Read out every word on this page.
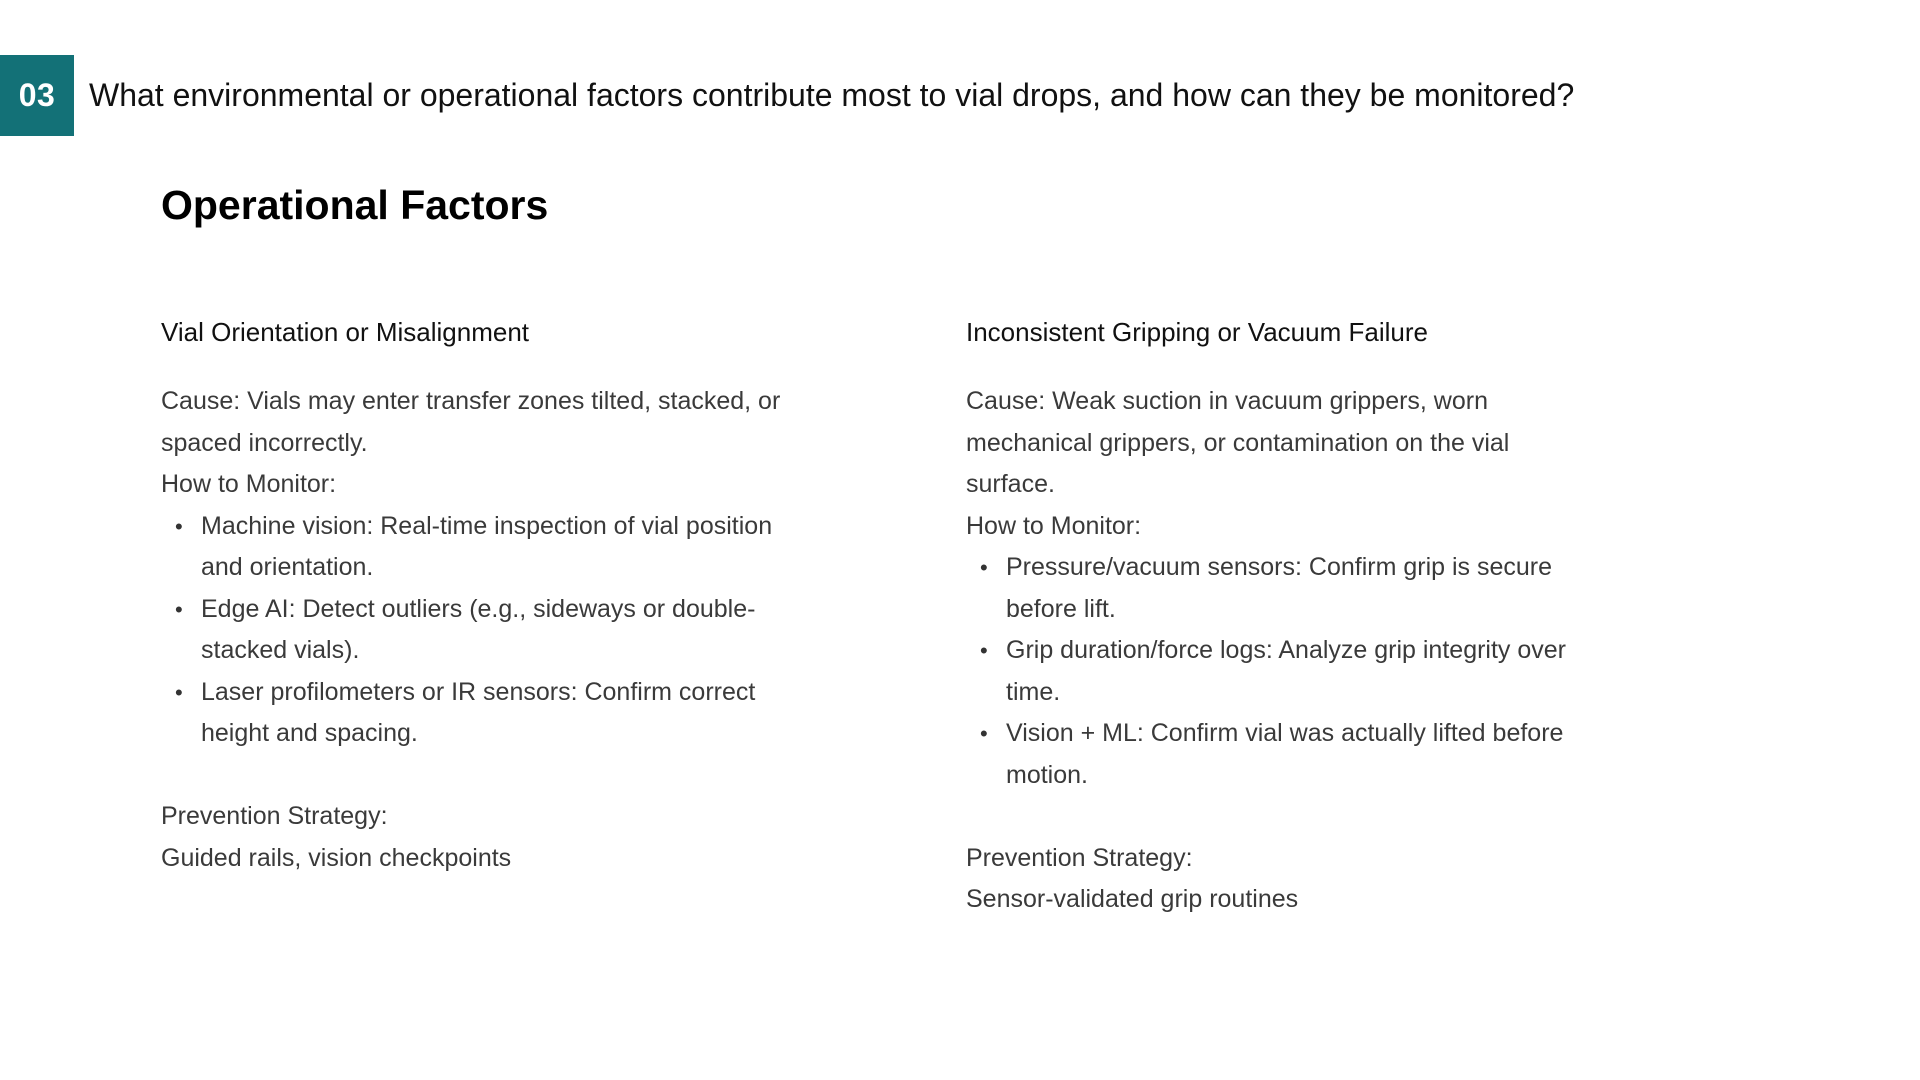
03	What environmental or operational factors contribute most to vial drops, and how can they be monitored?
Operational Factors
Vial Orientation or Misalignment

Cause: Vials may enter transfer zones tilted, stacked, or spaced incorrectly.

How to Monitor:

• Machine vision: Real-time inspection of vial position and orientation.
• Edge AI: Detect outliers (e.g., sideways or double-stacked vials).
• Laser profilometers or IR sensors: Confirm correct height and spacing.

Prevention Strategy:

Guided rails, vision checkpoints

Inconsistent Gripping or Vacuum Failure

Cause: Weak suction in vacuum grippers, worn mechanical grippers, or contamination on the vial surface.

How to Monitor:

• Pressure/vacuum sensors: Confirm grip is secure before lift.
• Grip duration/force logs: Analyze grip integrity over time.
• Vision + ML: Confirm vial was actually lifted before motion.

Prevention Strategy:

Sensor-validated grip routines
